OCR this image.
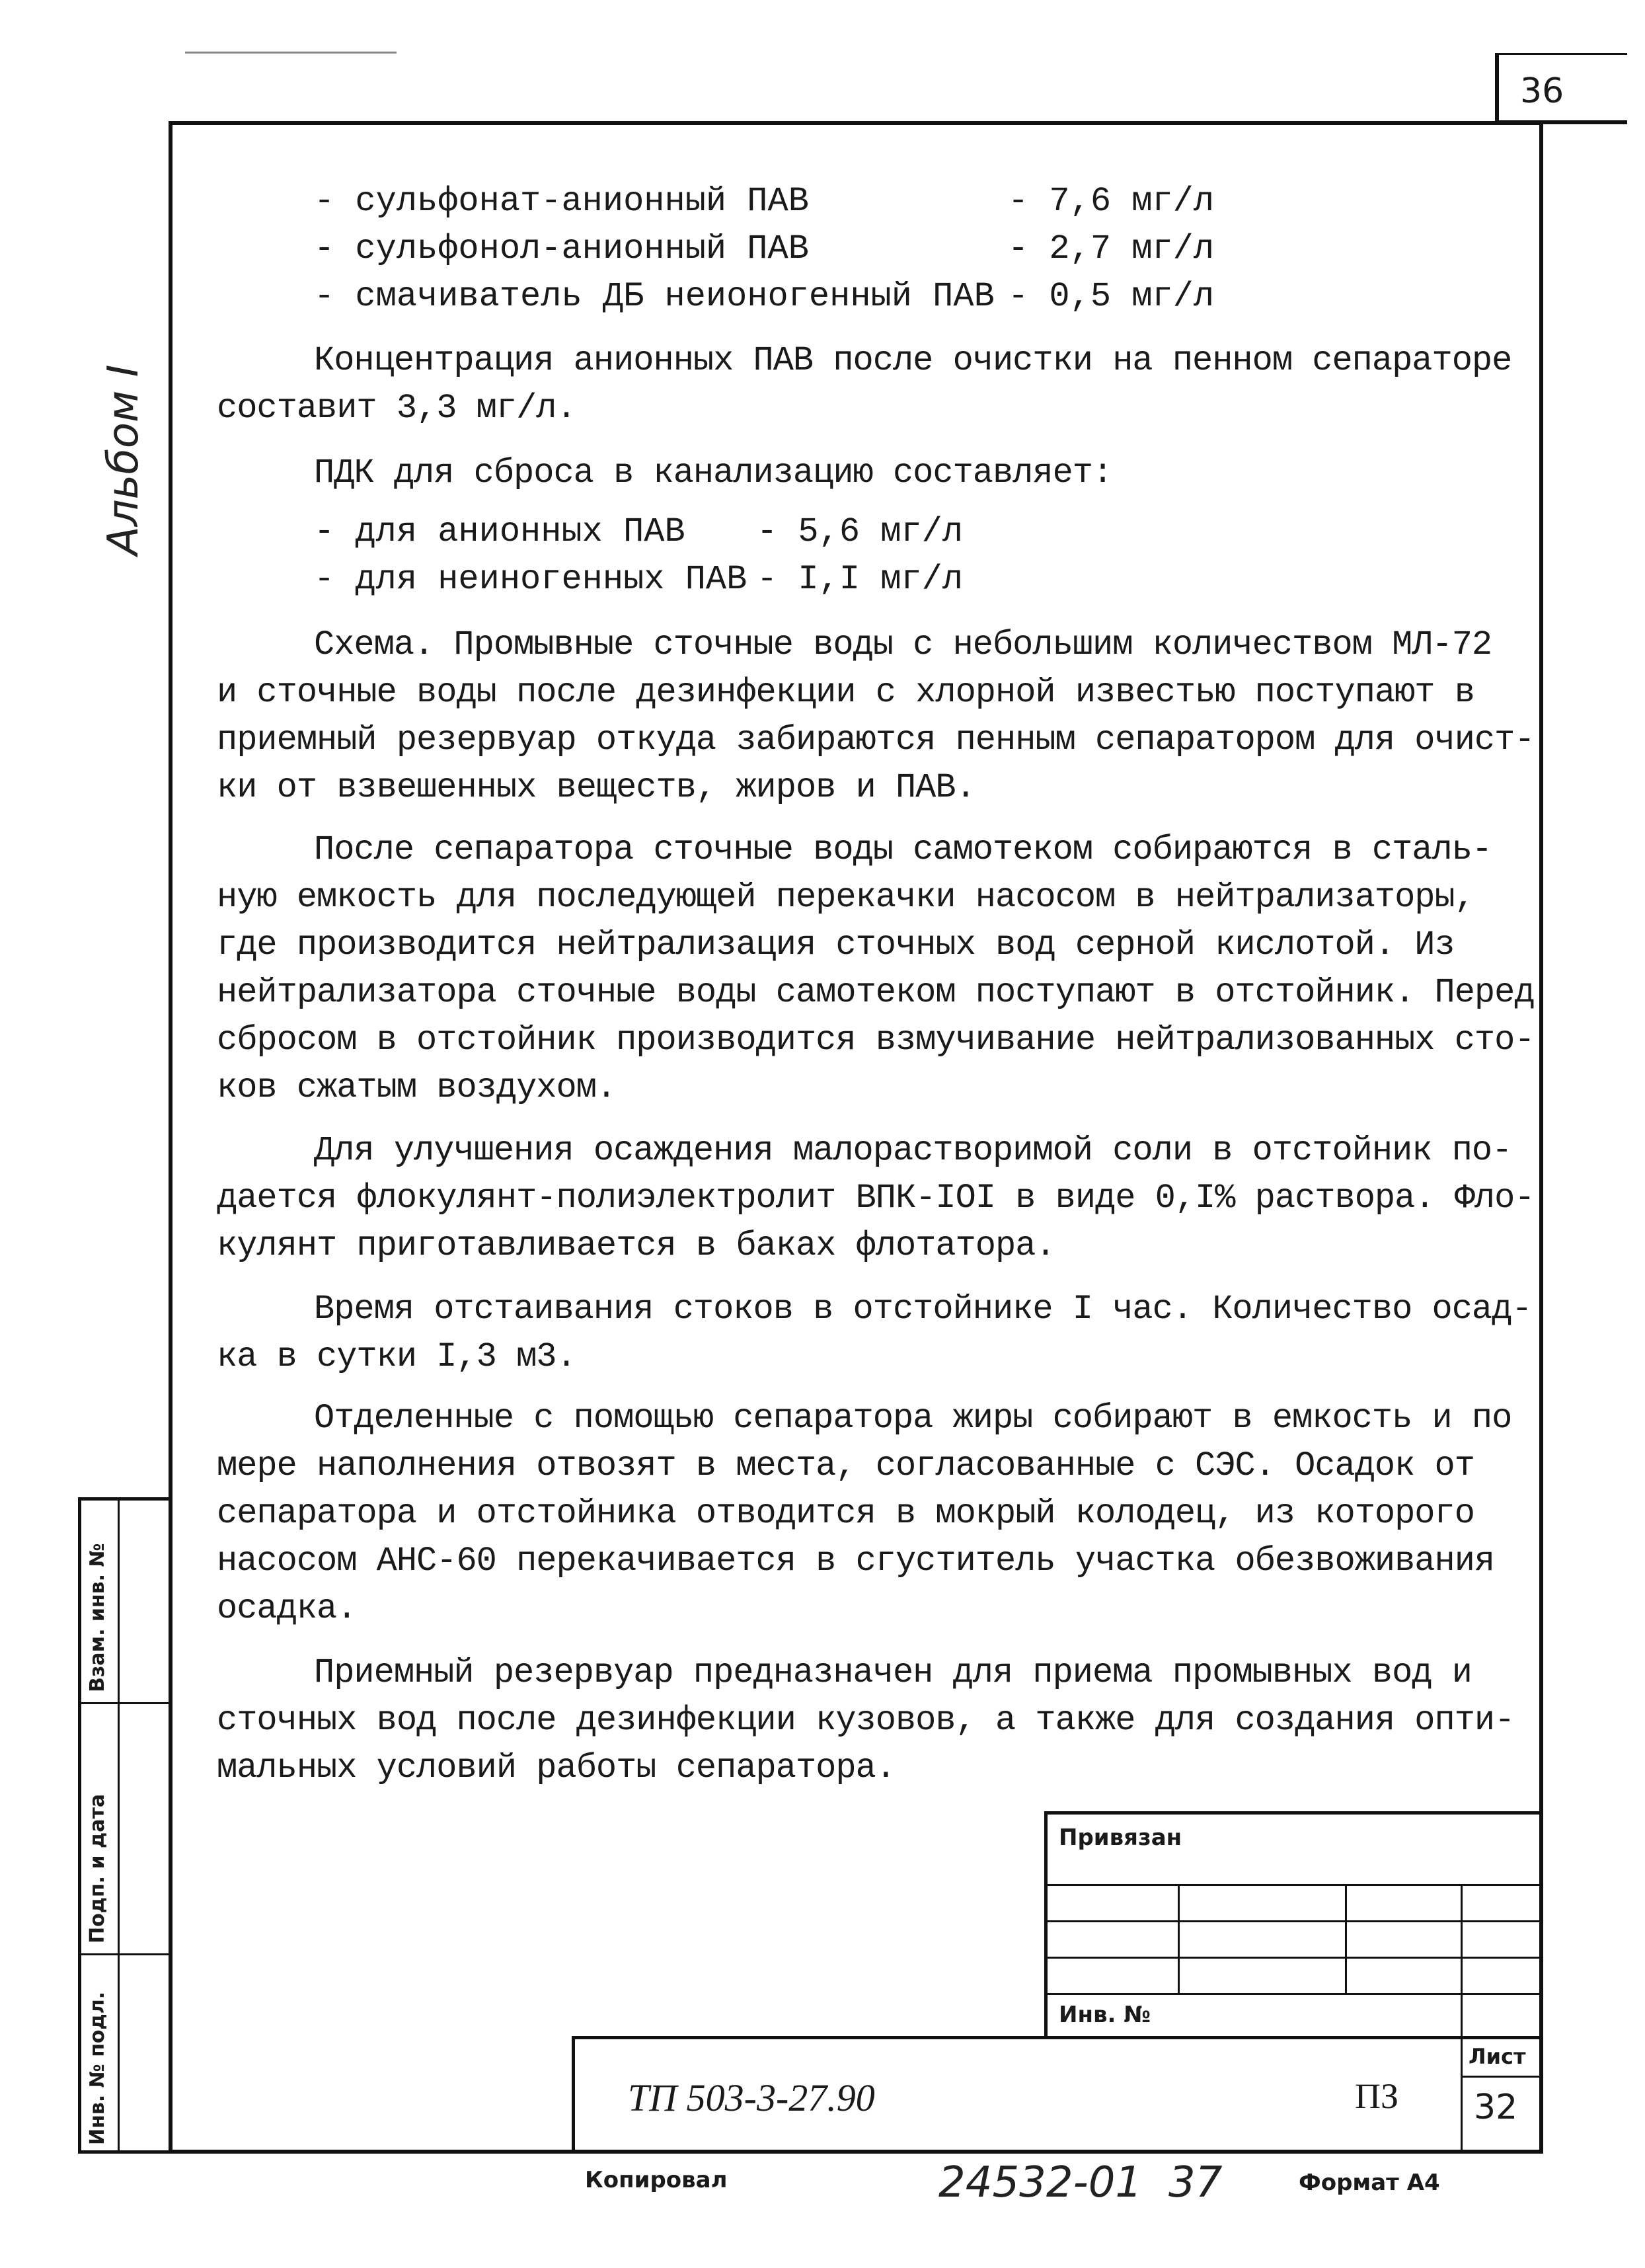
36
Взам. инв. №
Подп. и дата
Инв. № подл.
Альбом I
- сульфонат-анионный ПАВ	- 7,6 мг/л
- сульфонол-анионный ПАВ	- 2,7 мг/л
- смачиватель ДБ неионогенный ПАВ - 0,5 мг/л
Концентрация анионных ПАВ после очистки на пенном сепараторе
составит 3,3 мг/л.
ПДК для сброса в канализацию составляет:
- для анионных ПАВ - 5,6 мг/л
- для неиногенных ПАВ - I,I мг/л
Схема. Промывные сточные воды с небольшим количеством МЛ-72
и сточные воды после дезинфекции с хлорной известью поступают в
приемный резервуар откуда забираются пенным сепаратором для очист-
ки от взвешенных веществ, жиров и ПАВ.
После сепаратора сточные воды самотеком собираются в сталь-
ную емкость для последующей перекачки насосом в нейтрализаторы,
где производится нейтрализация сточных вод серной кислотой. Из
нейтрализатора сточные воды самотеком поступают в отстойник. Перед
сбросом в отстойник производится взмучивание нейтрализованных сто-
ков сжатым воздухом.
Для улучшения осаждения малорастворимой соли в отстойник по-
дается флокулянт-полиэлектролит ВПК-IOI в виде 0,I% раствора. Фло-
кулянт приготавливается в баках флотатора.
Время отстаивания стоков в отстойнике I час. Количество осад-
ка в сутки I,3 м3.
Отделенные с помощью сепаратора жиры собирают в емкость и по
мере наполнения отвозят в места, согласованные с СЭС. Осадок от
сепаратора и отстойника отводится в мокрый колодец, из которого
насосом АНС-60 перекачивается в сгуститель участка обезвоживания
осадка.
Приемный резервуар предназначен для приема промывных вод и
сточных вод после дезинфекции кузовов, а также для создания опти-
мальных условий работы сепаратора.
Привязан
Инв. №
Лист
32
ТП 503-3-27.90	ПЗ
Копировал	24532-01 37	Формат А4
